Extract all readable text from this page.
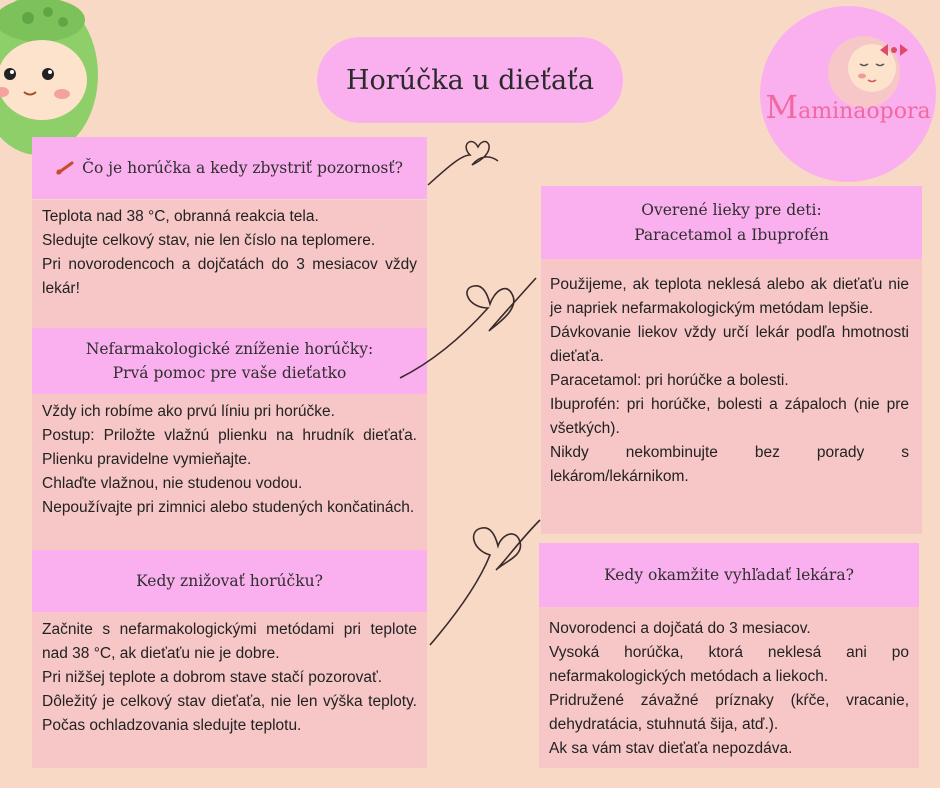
Horúčka u dieťaťa
Maminaopora
Čo je horúčka a kedy zbystriť pozornosť?

Teplota nad 38 °C, obranná reakcia tela.

Sledujte celkový stav, nie len číslo na teplomere.

Pri novorodencoch a dojčatách do 3 mesiacov vždy lekár!

Nefarmakologické zníženie horúčky:
Prvá pomoc pre vaše dieťatko

Vždy ich robíme ako prvú líniu pri horúčke.

Postup: Priložte vlažnú plienku na hrudník dieťaťa. Plienku pravidelne vymieňajte.

Chlaďte vlažnou, nie studenou vodou.

Nepoužívajte pri zimnici alebo studených končatinách.

Kedy znižovať horúčku?

Začnite s nefarmakologickými metódami pri teplote nad 38 °C, ak dieťaťu nie je dobre.

Pri nižšej teplote a dobrom stave stačí pozorovať.

Dôležitý je celkový stav dieťaťa, nie len výška teploty. Počas ochladzovania sledujte teplotu.

Overené lieky pre deti:
Paracetamol a Ibuprofén

Použijeme, ak teplota neklesá alebo ak dieťaťu nie je napriek nefarmakologickým metódam lepšie.

Dávkovanie liekov vždy určí lekár podľa hmotnosti dieťaťa.

Paracetamol: pri horúčke a bolesti.

Ibuprofén: pri horúčke, bolesti a zápaloch (nie pre všetkých).

Nikdy nekombinujte bez porady s lekárom/lekárnikom.

Kedy okamžite vyhľadať lekára?

Novorodenci a dojčatá do 3 mesiacov.

Vysoká horúčka, ktorá neklesá ani po nefarmakologických metódach a liekoch.

Pridružené závažné príznaky (kŕče, vracanie, dehydratácia, stuhnutá šija, atď.).

Ak sa vám stav dieťaťa nepozdáva.
